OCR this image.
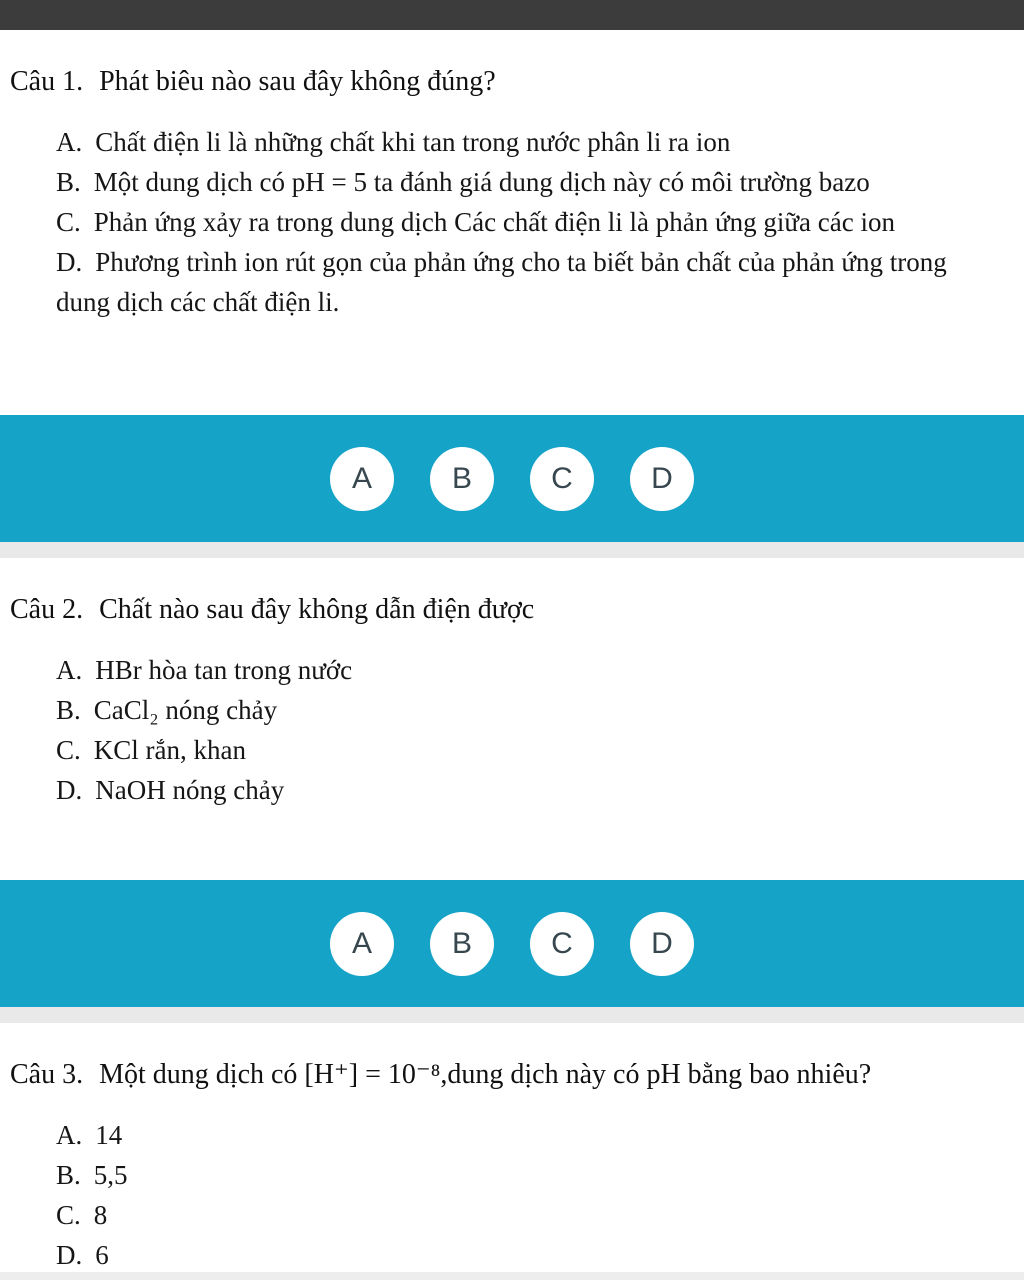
Câu 1. Phát biêu nào sau đây không đúng?

A. Chất điện li là những chất khi tan trong nước phân li ra ion

B. Một dung dịch có pH = 5 ta đánh giá dung dịch này có môi trường bazo

C. Phản ứng xảy ra trong dung dịch Các chất điện li là phản ứng giữa các ion

D. Phương trình ion rút gọn của phản ứng cho ta biết bản chất của phản ứng trong dung dịch các chất điện li.

A	B	C	D
Câu 2. Chất nào sau đây không dẫn điện được

A. HBr hòa tan trong nước

B. CaCl₂ nóng chảy

C. KCl rắn, khan

D. NaOH nóng chảy

A	B	C	D
Câu 3. Một dung dịch có [H⁺] = 10⁻⁸,dung dịch này có pH bằng bao nhiêu?

A. 14

B. 5,5

C. 8

D. 6
